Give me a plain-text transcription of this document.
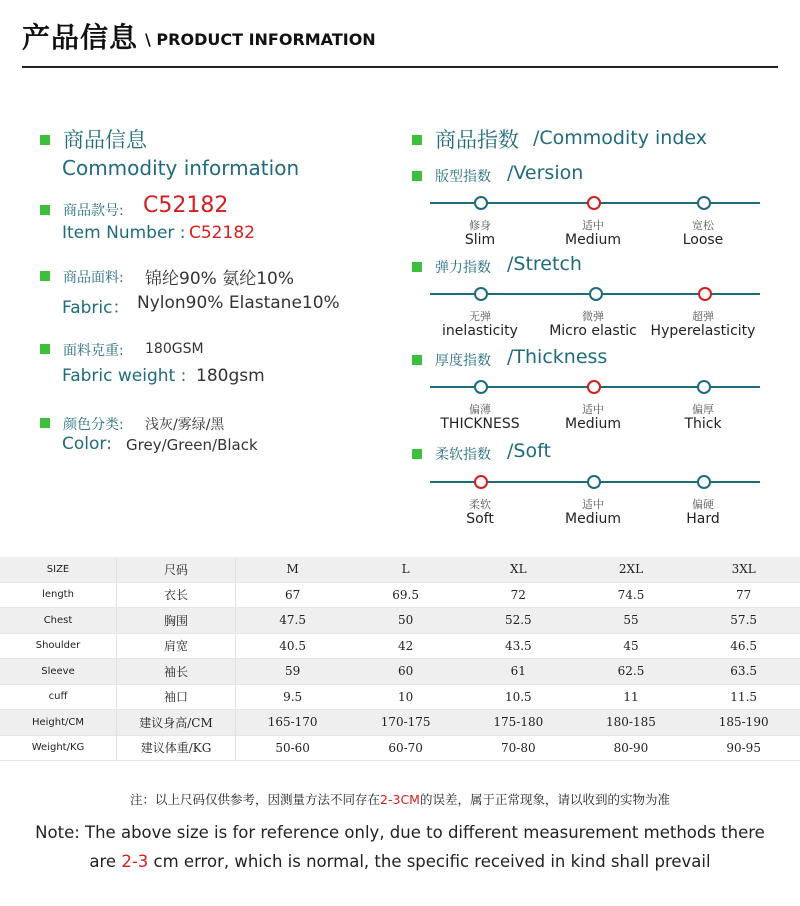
产品信息 \ PRODUCT INFORMATION
商品信息
Commodity information
商品款号: C52182
Item Number : C52182
商品面料: 锦纶90% 氨纶10%
Fabric： Nylon90% Elastane10%
面料克重: 180GSM
Fabric weight : 180gsm
颜色分类: 浅灰/雾绿/黑
Color: Grey/Green/Black
商品指数 /Commodity index
版型指数 /Version
修身
Slim
适中
Medium
宽松
Loose
弹力指数 /Stretch
无弹
inelasticity
微弹
Micro elastic
超弹
Hyperelasticity
厚度指数 /Thickness
偏薄
THICKNESS
适中
Medium
偏厚
Thick
柔软指数 /Soft
柔软
Soft
适中
Medium
偏硬
Hard
SIZE	尺码	M	L	XL	2XL	3XL
length	衣长	67	69.5	72	74.5	77
Chest	胸围	47.5	50	52.5	55	57.5
Shoulder	肩宽	40.5	42	43.5	45	46.5
Sleeve	袖长	59	60	61	62.5	63.5
cuff	袖口	9.5	10	10.5	11	11.5
Height/CM	建议身高/CM	165-170	170-175	175-180	180-185	185-190
Weight/KG	建议体重/KG	50-60	60-70	70-80	80-90	90-95
注：以上尺码仅供参考，因测量方法不同存在2-3CM的误差，属于正常现象，请以收到的实物为准
Note: The above size is for reference only, due to different measurement methods there
are 2-3 cm error, which is normal, the specific received in kind shall prevail
